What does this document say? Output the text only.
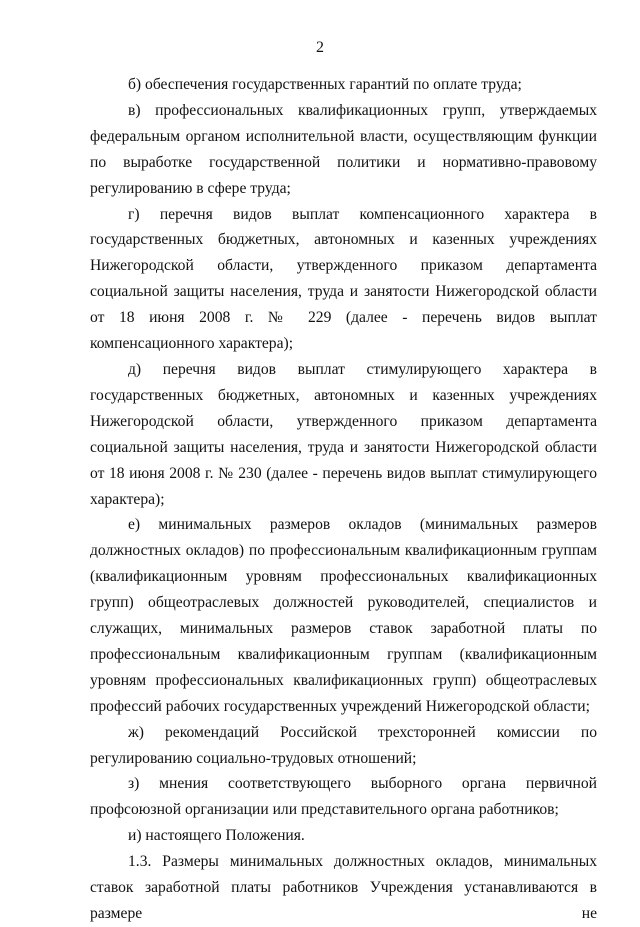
2

б) обеспечения государственных гарантий по оплате труда;

в) профессиональных квалификационных групп, утверждаемых федеральным органом исполнительной власти, осуществляющим функции по выработке государственной политики и нормативно-правовому регулированию в сфере труда;

г) перечня видов выплат компенсационного характера в государственных бюджетных, автономных и казенных учреждениях Нижегородской области, утвержденного приказом департамента социальной защиты населения, труда и занятости Нижегородской области от 18 июня 2008 г. № 229 (далее - перечень видов выплат компенсационного характера);

д) перечня видов выплат стимулирующего характера в государственных бюджетных, автономных и казенных учреждениях Нижегородской области, утвержденного приказом департамента социальной защиты населения, труда и занятости Нижегородской области от 18 июня 2008 г. № 230 (далее - перечень видов выплат стимулирующего характера);

е) минимальных размеров окладов (минимальных размеров должностных окладов) по профессиональным квалификационным группам (квалификационным уровням профессиональных квалификационных групп) общеотраслевых должностей руководителей, специалистов и служащих, минимальных размеров ставок заработной платы по профессиональным квалификационным группам (квалификационным уровням профессиональных квалификационных групп) общеотраслевых профессий рабочих государственных учреждений Нижегородской области;

ж) рекомендаций Российской трехсторонней комиссии по регулированию социально-трудовых отношений;

з) мнения соответствующего выборного органа первичной профсоюзной организации или представительного органа работников;

и) настоящего Положения.

1.3. Размеры минимальных должностных окладов, минимальных ставок заработной платы работников Учреждения устанавливаются в размере не
